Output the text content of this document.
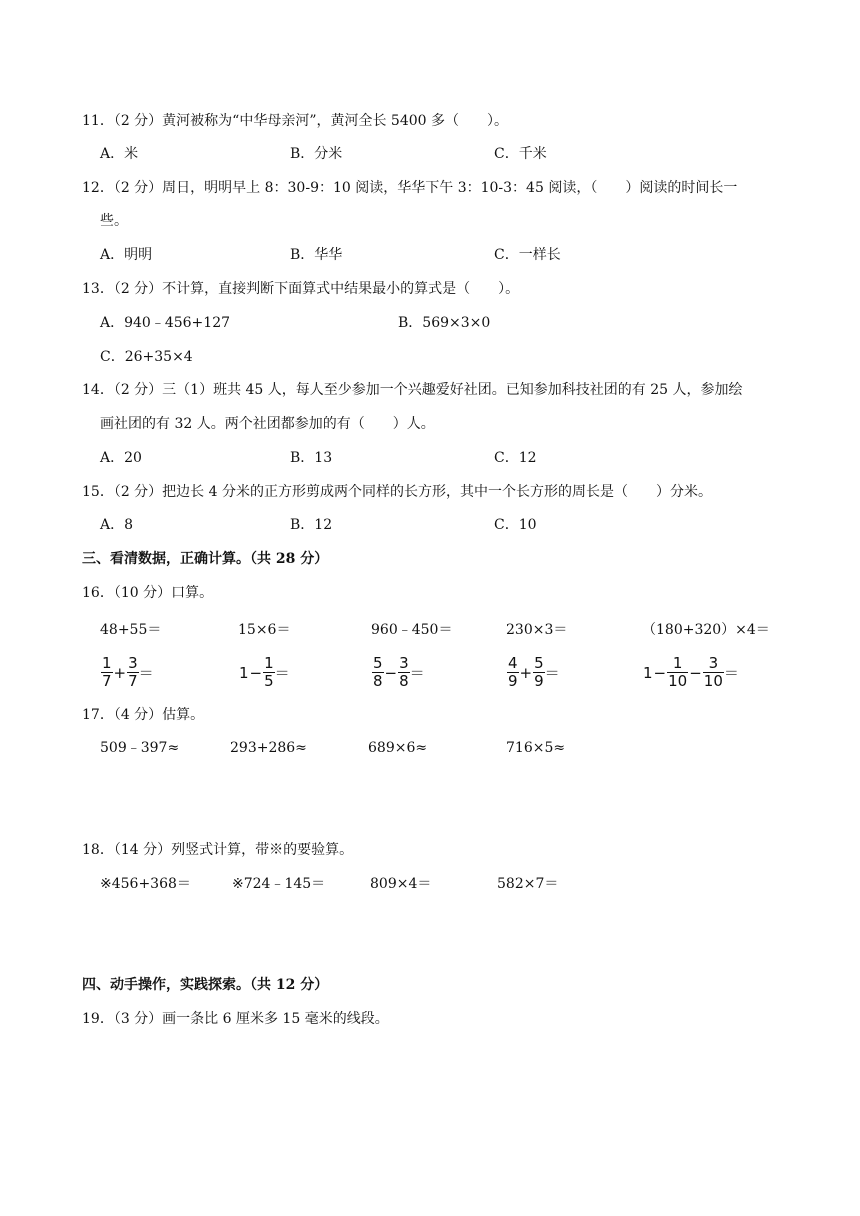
11．（2 分）黄河被称为“中华母亲河”，黄河全长 5400 多（　　）。
A．米	B．分米	C．千米
12．（2 分）周日，明明早上 8：30-9：10 阅读，华华下午 3：10-3：45 阅读，（　　）阅读的时间长一
些。
A．明明	B．华华	C．一样长
13．（2 分）不计算，直接判断下面算式中结果最小的算式是（　　）。
A．940﹣456+127	B．569×3×0
C．26+35×4
14．（2 分）三（1）班共 45 人，每人至少参加一个兴趣爱好社团。已知参加科技社团的有 25 人，参加绘
画社团的有 32 人。两个社团都参加的有（　　）人。
A．20	B．13	C．12
15．（2 分）把边长 4 分米的正方形剪成两个同样的长方形，其中一个长方形的周长是（　　）分米。
A．8	B．12	C．10
三、看清数据，正确计算。（共 28 分）
16．（10 分）口算。
48+55＝	15×6＝	960﹣450＝	230×3＝	（180+320）×4＝
$\frac{1}{7} + \frac{3}{7}$ ＝	$1 - \frac{1}{5}$ ＝	$\frac{5}{8} - \frac{3}{8}$ ＝	$\frac{4}{9} + \frac{5}{9}$ ＝	$1 - \frac{1}{10} - \frac{3}{10}$ ＝
17．（4 分）估算。
509﹣397≈	293+286≈	689×6≈	716×5≈
18．（14 分）列竖式计算，带※的要验算。
※456+368＝	※724﹣145＝	809×4＝	582×7＝
四、动手操作，实践探索。（共 12 分）
19．（3 分）画一条比 6 厘米多 15 毫米的线段。
